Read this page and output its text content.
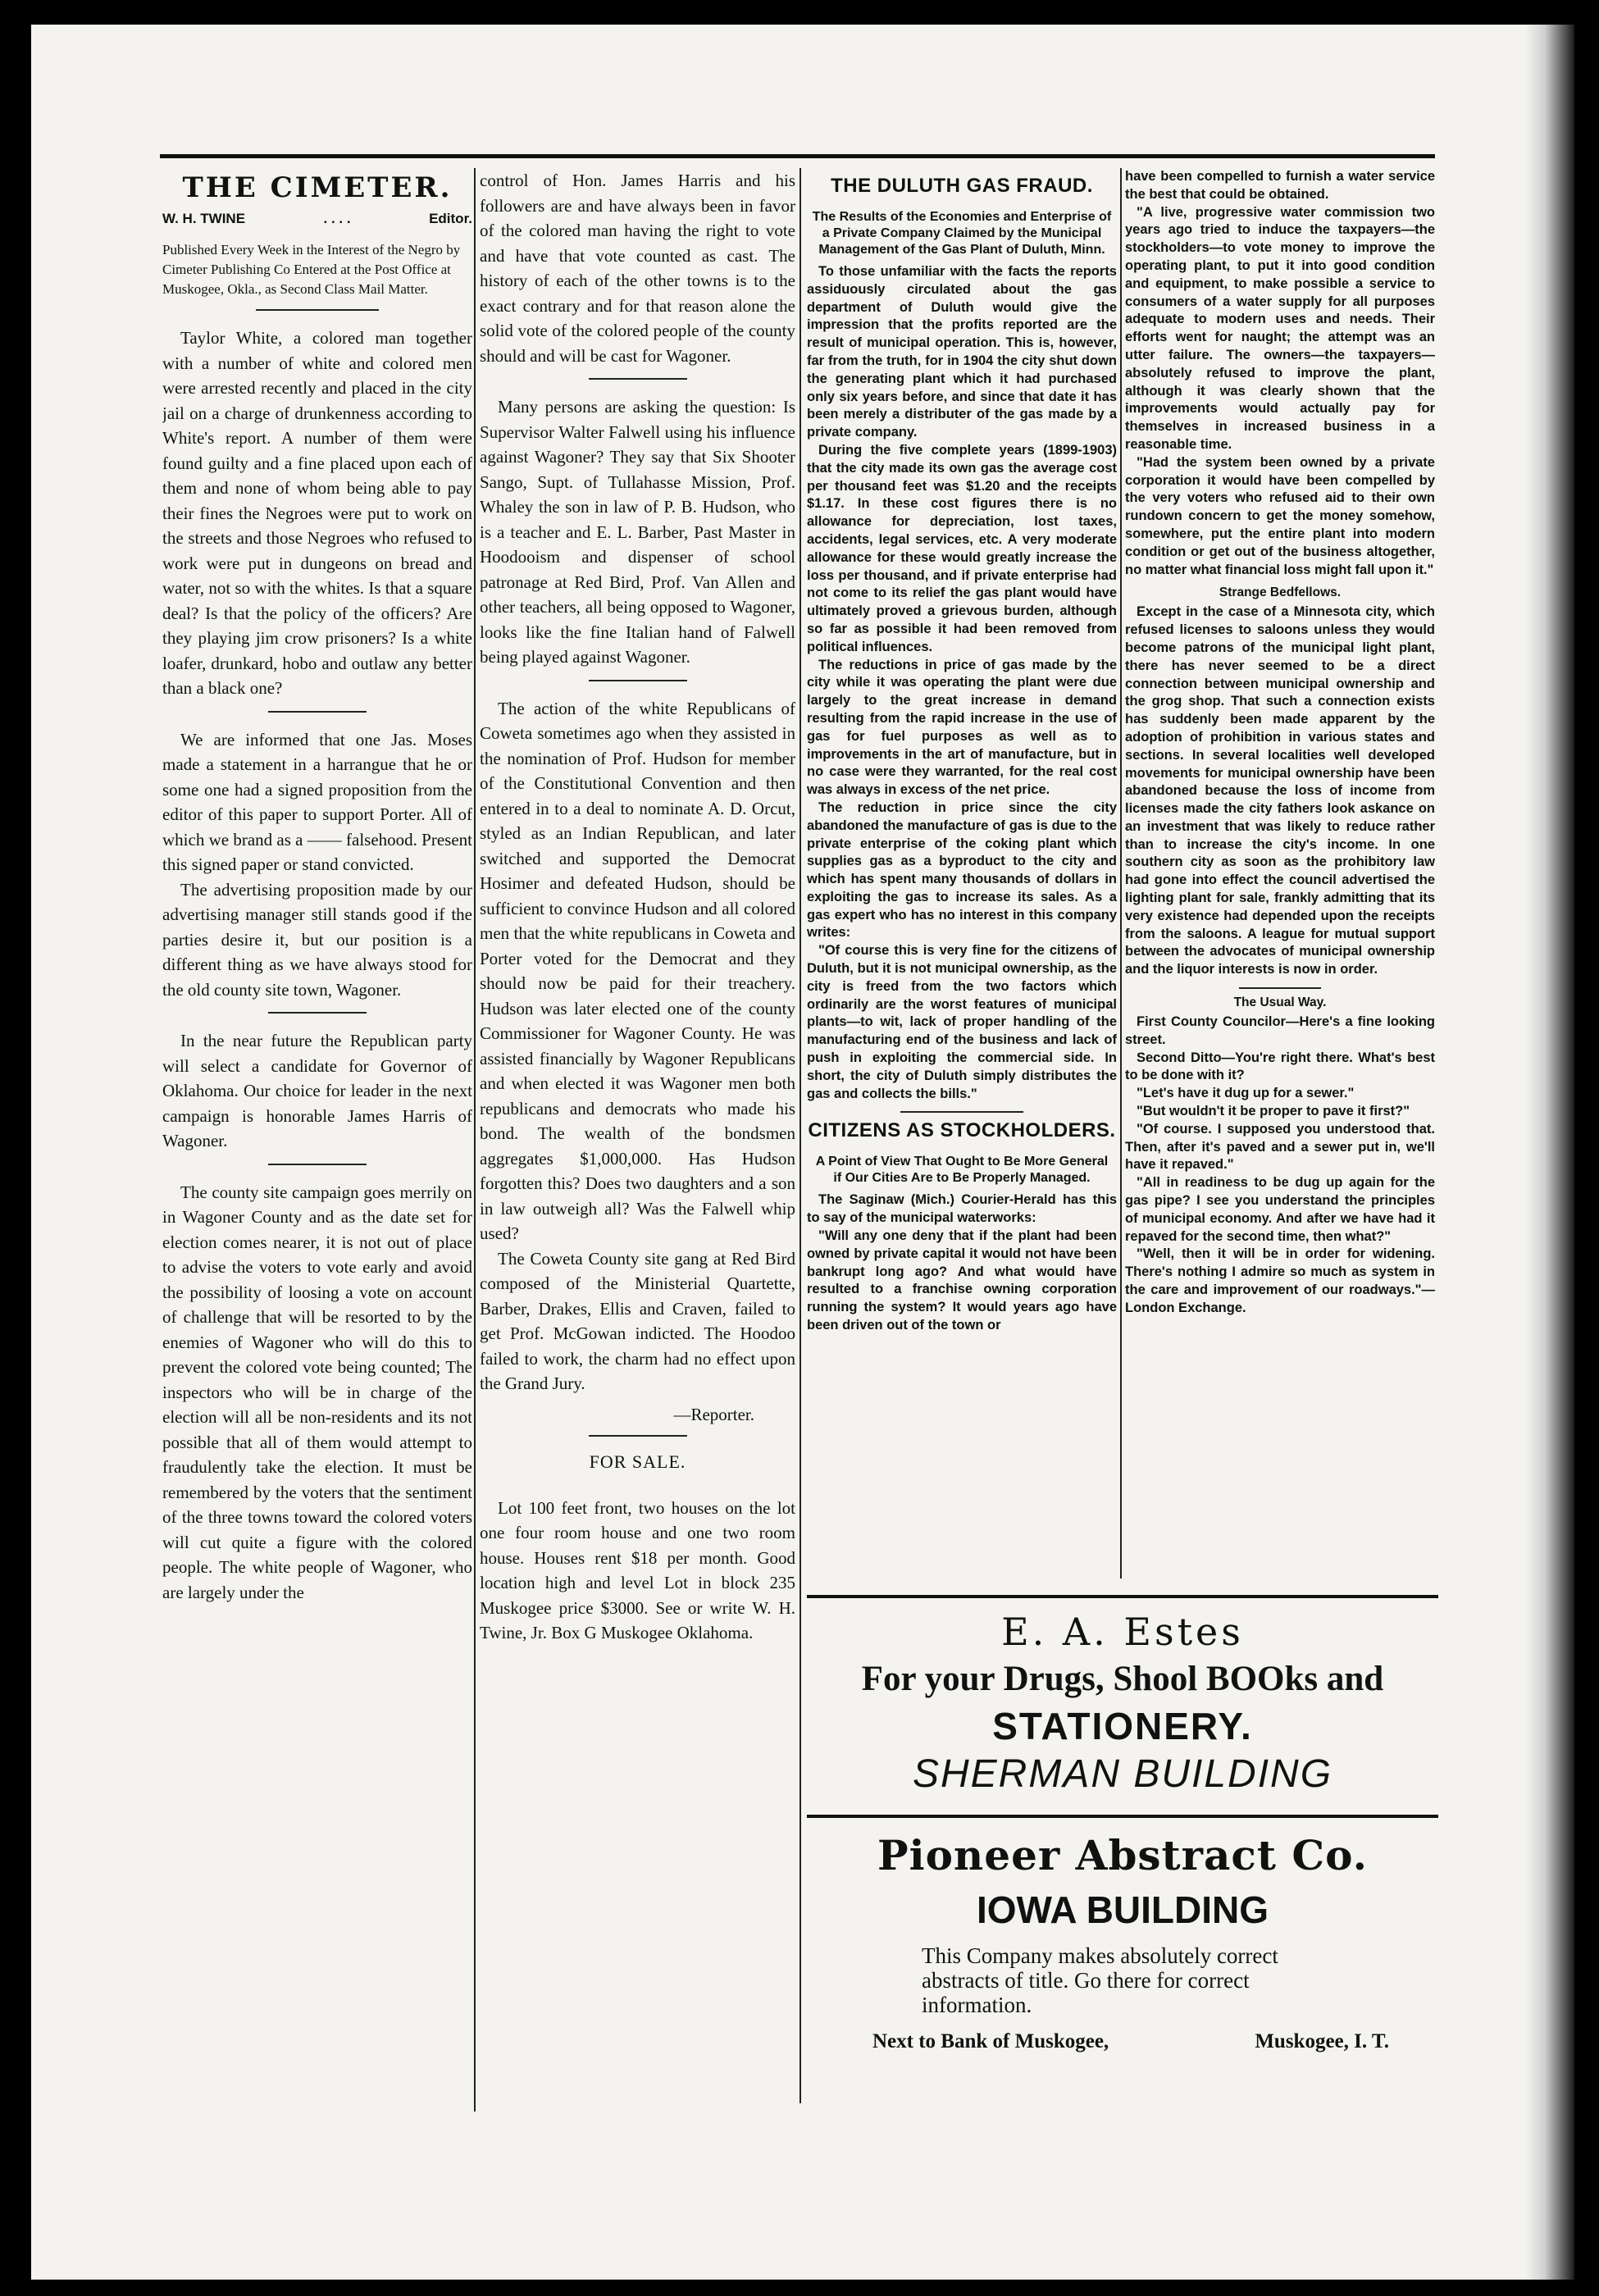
THE CIMETER.
W. H. TWINE	. . . .	Editor.
Published Every Week in the Interest of the Negro by Cimeter Publishing Co Entered at the Post Office at Muskogee, Okla., as Second Class Mail Matter.

Taylor White, a colored man together with a number of white and colored men were arrested recently and placed in the city jail on a charge of drunkenness according to White's report. A number of them were found guilty and a fine placed upon each of them and none of whom being able to pay their fines the Negroes were put to work on the streets and those Negroes who refused to work were put in dungeons on bread and water, not so with the whites. Is that a square deal? Is that the policy of the officers? Are they playing jim crow prisoners? Is a white loafer, drunkard, hobo and outlaw any better than a black one?

We are informed that one Jas. Moses made a statement in a harrangue that he or some one had a signed proposition from the editor of this paper to support Porter. All of which we brand as a —— falsehood. Present this signed paper or stand convicted.

The advertising proposition made by our advertising manager still stands good if the parties desire it, but our position is a different thing as we have always stood for the old county site town, Wagoner.

In the near future the Republican party will select a candidate for Governor of Oklahoma. Our choice for leader in the next campaign is honorable James Harris of Wagoner.

The county site campaign goes merrily on in Wagoner County and as the date set for election comes nearer, it is not out of place to advise the voters to vote early and avoid the possibility of loosing a vote on account of challenge that will be resorted to by the enemies of Wagoner who will do this to prevent the colored vote being counted; The inspectors who will be in charge of the election will all be non-residents and its not possible that all of them would attempt to fraudulently take the election. It must be remembered by the voters that the sentiment of the three towns toward the colored voters will cut quite a figure with the colored people. The white people of Wagoner, who are largely under the

control of Hon. James Harris and his followers are and have always been in favor of the colored man having the right to vote and have that vote counted as cast. The history of each of the other towns is to the exact contrary and for that reason alone the solid vote of the colored people of the county should and will be cast for Wagoner.

Many persons are asking the question: Is Supervisor Walter Falwell using his influence against Wagoner? They say that Six Shooter Sango, Supt. of Tullahasse Mission, Prof. Whaley the son in law of P. B. Hudson, who is a teacher and E. L. Barber, Past Master in Hoodooism and dispenser of school patronage at Red Bird, Prof. Van Allen and other teachers, all being opposed to Wagoner, looks like the fine Italian hand of Falwell being played against Wagoner.

The action of the white Republicans of Coweta sometimes ago when they assisted in the nomination of Prof. Hudson for member of the Constitutional Convention and then entered in to a deal to nominate A. D. Orcut, styled as an Indian Republican, and later switched and supported the Democrat Hosimer and defeated Hudson, should be sufficient to convince Hudson and all colored men that the white republicans in Coweta and Porter voted for the Democrat and they should now be paid for their treachery. Hudson was later elected one of the county Commissioner for Wagoner County. He was assisted financially by Wagoner Republicans and when elected it was Wagoner men both republicans and democrats who made his bond. The wealth of the bondsmen aggregates $1,000,000. Has Hudson forgotten this? Does two daughters and a son in law outweigh all? Was the Falwell whip used?

The Coweta County site gang at Red Bird composed of the Ministerial Quartette, Barber, Drakes, Ellis and Craven, failed to get Prof. McGowan indicted. The Hoodoo failed to work, the charm had no effect upon the Grand Jury.

—Reporter.
FOR SALE.

Lot 100 feet front, two houses on the lot one four room house and one two room house. Houses rent $18 per month. Good location high and level Lot in block 235 Muskogee price $3000. See or write W. H. Twine, Jr. Box G Muskogee Oklahoma.

THE DULUTH GAS FRAUD.
The Results of the Economies and Enterprise of a Private Company Claimed by the Municipal Management of the Gas Plant of Duluth, Minn.

To those unfamiliar with the facts the reports assiduously circulated about the gas department of Duluth would give the impression that the profits reported are the result of municipal operation. This is, however, far from the truth, for in 1904 the city shut down the generating plant which it had purchased only six years before, and since that date it has been merely a distributer of the gas made by a private company.

During the five complete years (1899-1903) that the city made its own gas the average cost per thousand feet was $1.20 and the receipts $1.17. In these cost figures there is no allowance for depreciation, lost taxes, accidents, legal services, etc. A very moderate allowance for these would greatly increase the loss per thousand, and if private enterprise had not come to its relief the gas plant would have ultimately proved a grievous burden, although so far as possible it had been removed from political influences.

The reductions in price of gas made by the city while it was operating the plant were due largely to the great increase in demand resulting from the rapid increase in the use of gas for fuel purposes as well as to improvements in the art of manufacture, but in no case were they warranted, for the real cost was always in excess of the net price.

The reduction in price since the city abandoned the manufacture of gas is due to the private enterprise of the coking plant which supplies gas as a byproduct to the city and which has spent many thousands of dollars in exploiting the gas to increase its sales. As a gas expert who has no interest in this company writes:

"Of course this is very fine for the citizens of Duluth, but it is not municipal ownership, as the city is freed from the two factors which ordinarily are the worst features of municipal plants—to wit, lack of proper handling of the manufacturing end of the business and lack of push in exploiting the commercial side. In short, the city of Duluth simply distributes the gas and collects the bills."

CITIZENS AS STOCKHOLDERS.
A Point of View That Ought to Be More General if Our Cities Are to Be Properly Managed.

The Saginaw (Mich.) Courier-Herald has this to say of the municipal waterworks:

"Will any one deny that if the plant had been owned by private capital it would not have been bankrupt long ago? And what would have resulted to a franchise owning corporation running the system? It would years ago have been driven out of the town or

have been compelled to furnish a water service the best that could be obtained.

"A live, progressive water commission two years ago tried to induce the taxpayers—the stockholders—to vote money to improve the operating plant, to put it into good condition and equipment, to make possible a service to consumers of a water supply for all purposes adequate to modern uses and needs. Their efforts went for naught; the attempt was an utter failure. The owners—the taxpayers—absolutely refused to improve the plant, although it was clearly shown that the improvements would actually pay for themselves in increased business in a reasonable time.

"Had the system been owned by a private corporation it would have been compelled by the very voters who refused aid to their own rundown concern to get the money somehow, somewhere, put the entire plant into modern condition or get out of the business altogether, no matter what financial loss might fall upon it."

Strange Bedfellows.

Except in the case of a Minnesota city, which refused licenses to saloons unless they would become patrons of the municipal light plant, there has never seemed to be a direct connection between municipal ownership and the grog shop. That such a connection exists has suddenly been made apparent by the adoption of prohibition in various states and sections. In several localities well developed movements for municipal ownership have been abandoned because the loss of income from licenses made the city fathers look askance on an investment that was likely to reduce rather than to increase the city's income. In one southern city as soon as the prohibitory law had gone into effect the council advertised the lighting plant for sale, frankly admitting that its very existence had depended upon the receipts from the saloons. A league for mutual support between the advocates of municipal ownership and the liquor interests is now in order.

The Usual Way.

First County Councilor—Here's a fine looking street.

Second Ditto—You're right there. What's best to be done with it?

"Let's have it dug up for a sewer."

"But wouldn't it be proper to pave it first?"

"Of course. I supposed you understood that. Then, after it's paved and a sewer put in, we'll have it repaved."

"All in readiness to be dug up again for the gas pipe? I see you understand the principles of municipal economy. And after we have had it repaved for the second time, then what?"

"Well, then it will be in order for widening. There's nothing I admire so much as system in the care and improvement of our roadways."—London Exchange.

E. A. Estes
For your Drugs, Shool BOOks and
STATIONERY.
SHERMAN BUILDING
Pioneer Abstract Co.
IOWA BUILDING
This Company makes absolutely correct abstracts of title. Go there for correct information.
Next to Bank of Muskogee,	Muskogee, I. T.
